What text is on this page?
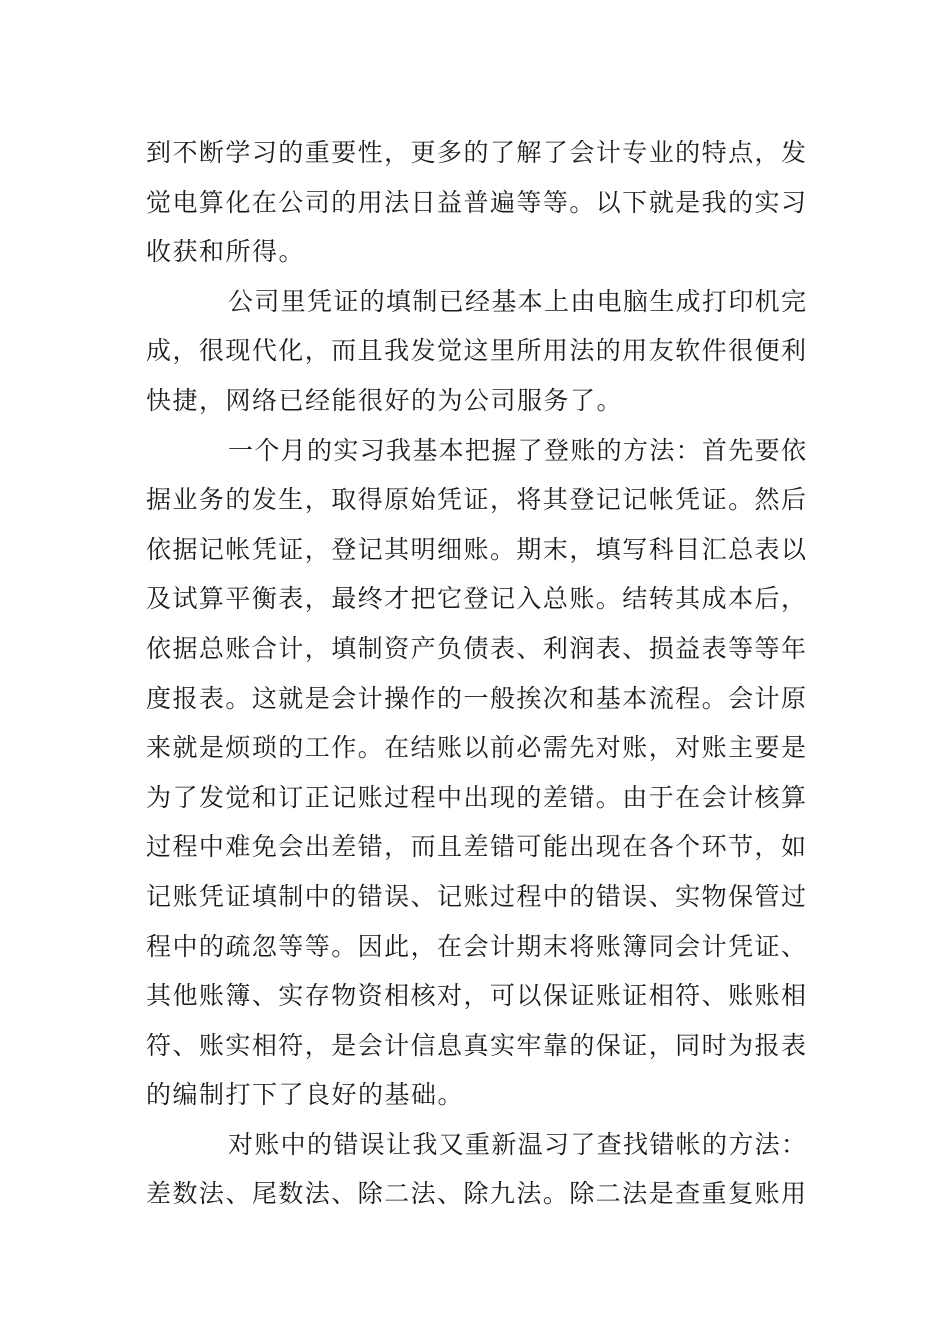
到不断学习的重要性，更多的了解了会计专业的特点，发
觉电算化在公司的用法日益普遍等等。以下就是我的实习
收获和所得。
公司里凭证的填制已经基本上由电脑生成打印机完
成，很现代化，而且我发觉这里所用法的用友软件很便利
快捷，网络已经能很好的为公司服务了。
一个月的实习我基本把握了登账的方法：首先要依
据业务的发生，取得原始凭证，将其登记记帐凭证。然后
依据记帐凭证，登记其明细账。期末，填写科目汇总表以
及试算平衡表，最终才把它登记入总账。结转其成本后，
依据总账合计，填制资产负债表、利润表、损益表等等年
度报表。这就是会计操作的一般挨次和基本流程。会计原
来就是烦琐的工作。在结账以前必需先对账，对账主要是
为了发觉和订正记账过程中出现的差错。由于在会计核算
过程中难免会出差错，而且差错可能出现在各个环节，如
记账凭证填制中的错误、记账过程中的错误、实物保管过
程中的疏忽等等。因此，在会计期末将账簿同会计凭证、
其他账簿、实存物资相核对，可以保证账证相符、账账相
符、账实相符，是会计信息真实牢靠的保证，同时为报表
的编制打下了良好的基础。
对账中的错误让我又重新温习了查找错帐的方法：
差数法、尾数法、除二法、除九法。除二法是查重复账用
